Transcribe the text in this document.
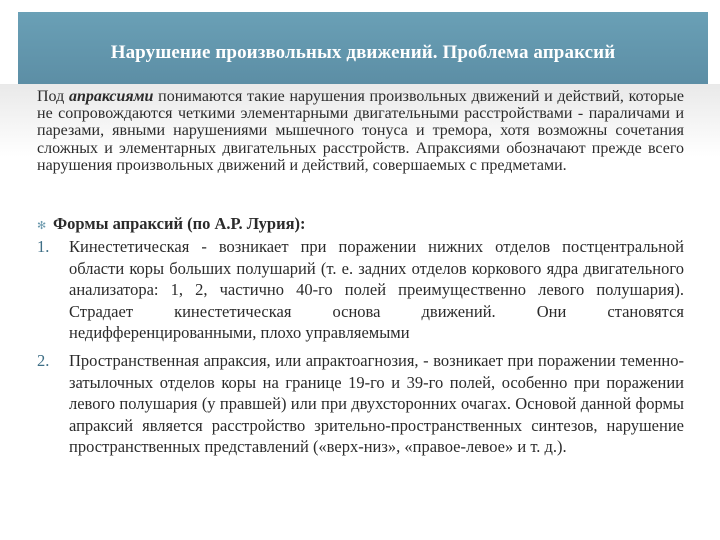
Нарушение произвольных движений. Проблема апраксий
Под апраксиями понимаются такие нарушения произвольных движений и действий, которые не сопровождаются четкими элементарными двигательными расстройствами - параличами и парезами, явными нарушениями мышечного тонуса и тремора, хотя возможны сочетания сложных и элементарных двигательных расстройств. Апраксиями обозначают прежде всего нарушения произвольных движений и действий, совершаемых с предметами.
✻ Формы апраксий (по А.Р. Лурия):
1. Кинестетическая - возникает при поражении нижних отделов постцентральной области коры больших полушарий (т. е. задних отделов коркового ядра двигательного анализатора: 1, 2, частично 40-го полей преимущественно левого полушария). Страдает кинестетическая основа движений. Они становятся недифференцированными, плохо управляемыми
2. Пространственная апраксия, или апрактоагнозия, - возникает при поражении теменно-затылочных отделов коры на границе 19-го и 39-го полей, особенно при поражении левого полушария (у правшей) или при двухсторонних очагах. Основой данной формы апраксий является расстройство зрительно-пространственных синтезов, нарушение пространственных представлений («верх-низ», «правое-левое» и т. д.).
